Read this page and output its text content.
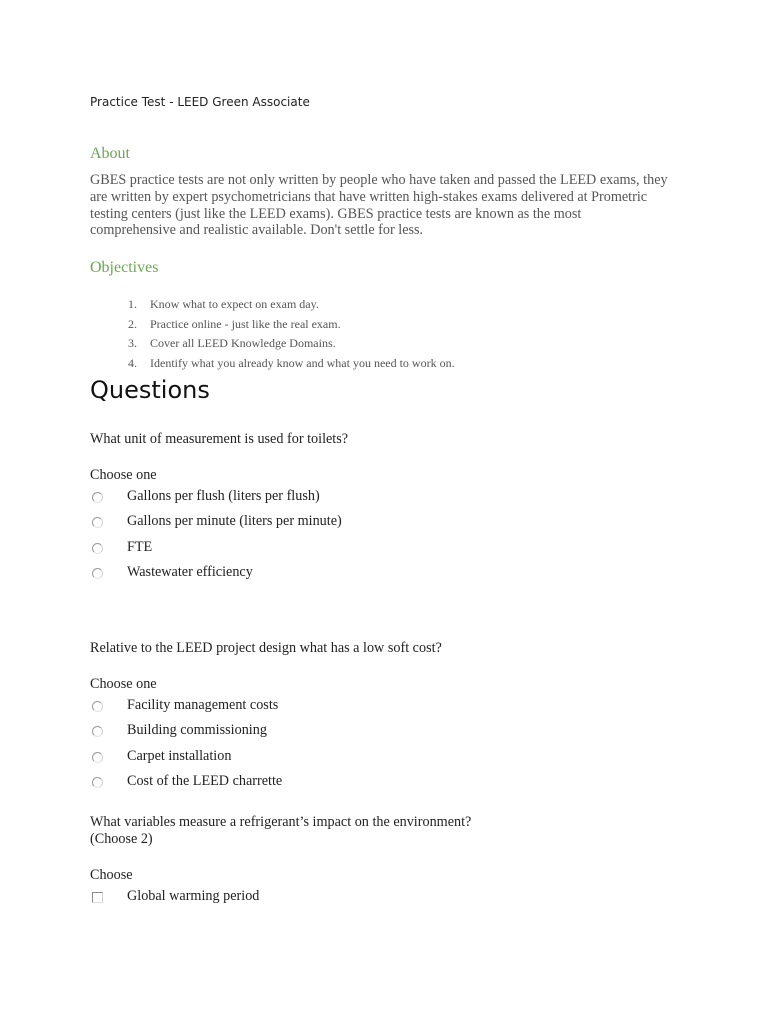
Practice Test - LEED Green Associate
About

GBES practice tests are not only written by people who have taken and passed the LEED exams, they are written by expert psychometricians that have written high-stakes exams delivered at Prometric testing centers (just like the LEED exams). GBES practice tests are known as the most comprehensive and realistic available. Don't settle for less.

Objectives
1. Know what to expect on exam day.
2. Practice online - just like the real exam.
3. Cover all LEED Knowledge Domains.
4. Identify what you already know and what you need to work on.
Questions

What unit of measurement is used for toilets?

Choose one
Gallons per flush (liters per flush)
Gallons per minute (liters per minute)
FTE
Wastewater efficiency

Relative to the LEED project design what has a low soft cost?

Choose one
Facility management costs
Building commissioning
Carpet installation
Cost of the LEED charrette

What variables measure a refrigerant’s impact on the environment?
(Choose 2)

Choose
Global warming period
